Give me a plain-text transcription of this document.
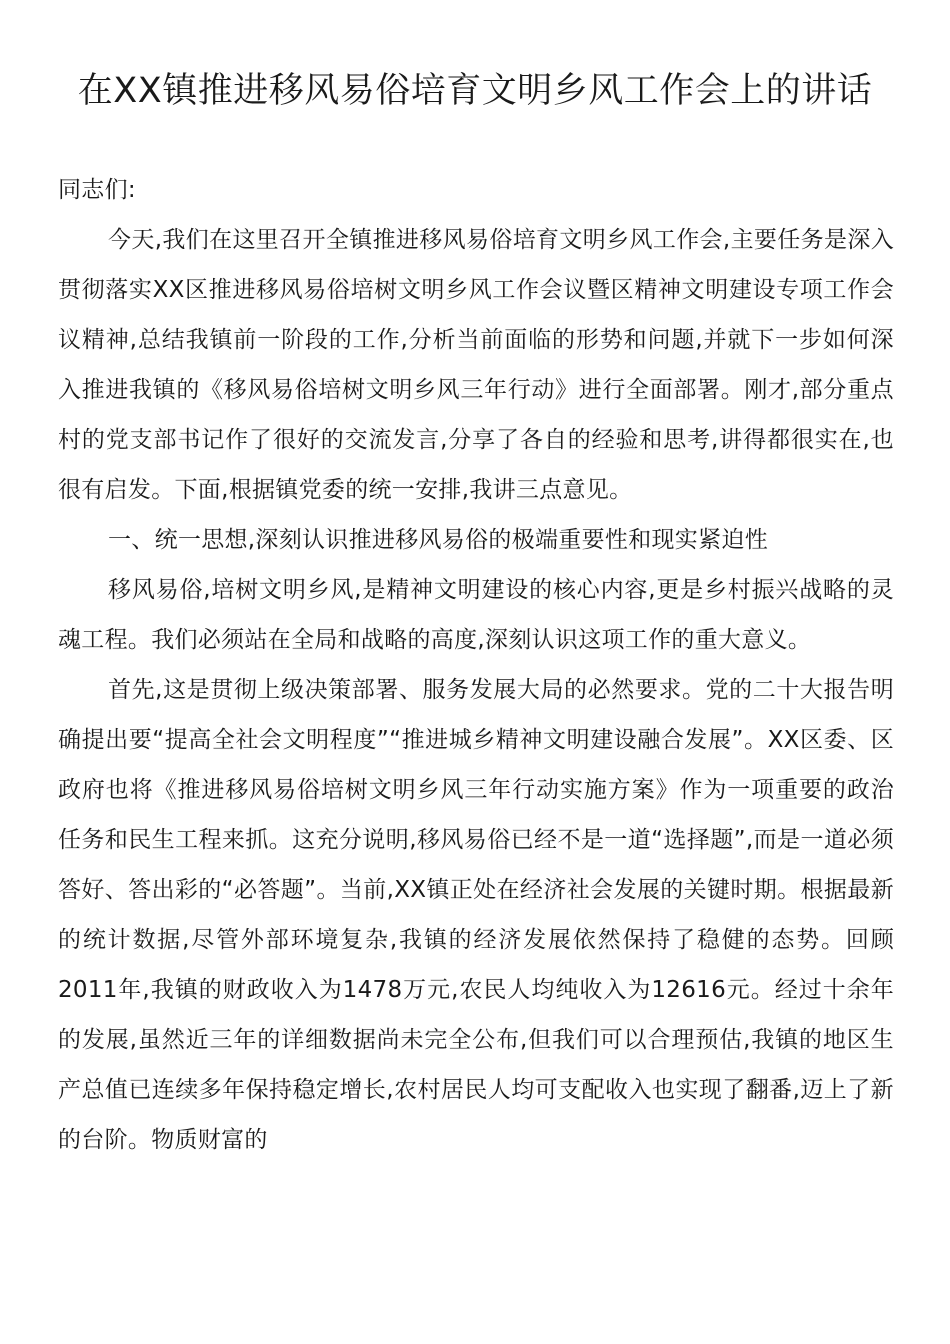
在XX镇推进移风易俗培育文明乡风工作会上的讲话

同志们:

今天,我们在这里召开全镇推进移风易俗培育文明乡风工作会,主要任务是深入贯彻落实XX区推进移风易俗培树文明乡风工作会议暨区精神文明建设专项工作会议精神,总结我镇前一阶段的工作,分析当前面临的形势和问题,并就下一步如何深入推进我镇的《移风易俗培树文明乡风三年行动》进行全面部署。刚才,部分重点村的党支部书记作了很好的交流发言,分享了各自的经验和思考,讲得都很实在,也很有启发。下面,根据镇党委的统一安排,我讲三点意见。

一、统一思想,深刻认识推进移风易俗的极端重要性和现实紧迫性

移风易俗,培树文明乡风,是精神文明建设的核心内容,更是乡村振兴战略的灵魂工程。我们必须站在全局和战略的高度,深刻认识这项工作的重大意义。

首先,这是贯彻上级决策部署、服务发展大局的必然要求。党的二十大报告明确提出要“提高全社会文明程度”“推进城乡精神文明建设融合发展”。XX区委、区政府也将《推进移风易俗培树文明乡风三年行动实施方案》作为一项重要的政治任务和民生工程来抓。这充分说明,移风易俗已经不是一道“选择题”,而是一道必须答好、答出彩的“必答题”。当前,XX镇正处在经济社会发展的关键时期。根据最新的统计数据,尽管外部环境复杂,我镇的经济发展依然保持了稳健的态势。回顾2011年,我镇的财政收入为1478万元,农民人均纯收入为12616元。经过十余年的发展,虽然近三年的详细数据尚未完全公布,但我们可以合理预估,我镇的地区生产总值已连续多年保持稳定增长,农村居民人均可支配收入也实现了翻番,迈上了新的台阶。物质财富的
